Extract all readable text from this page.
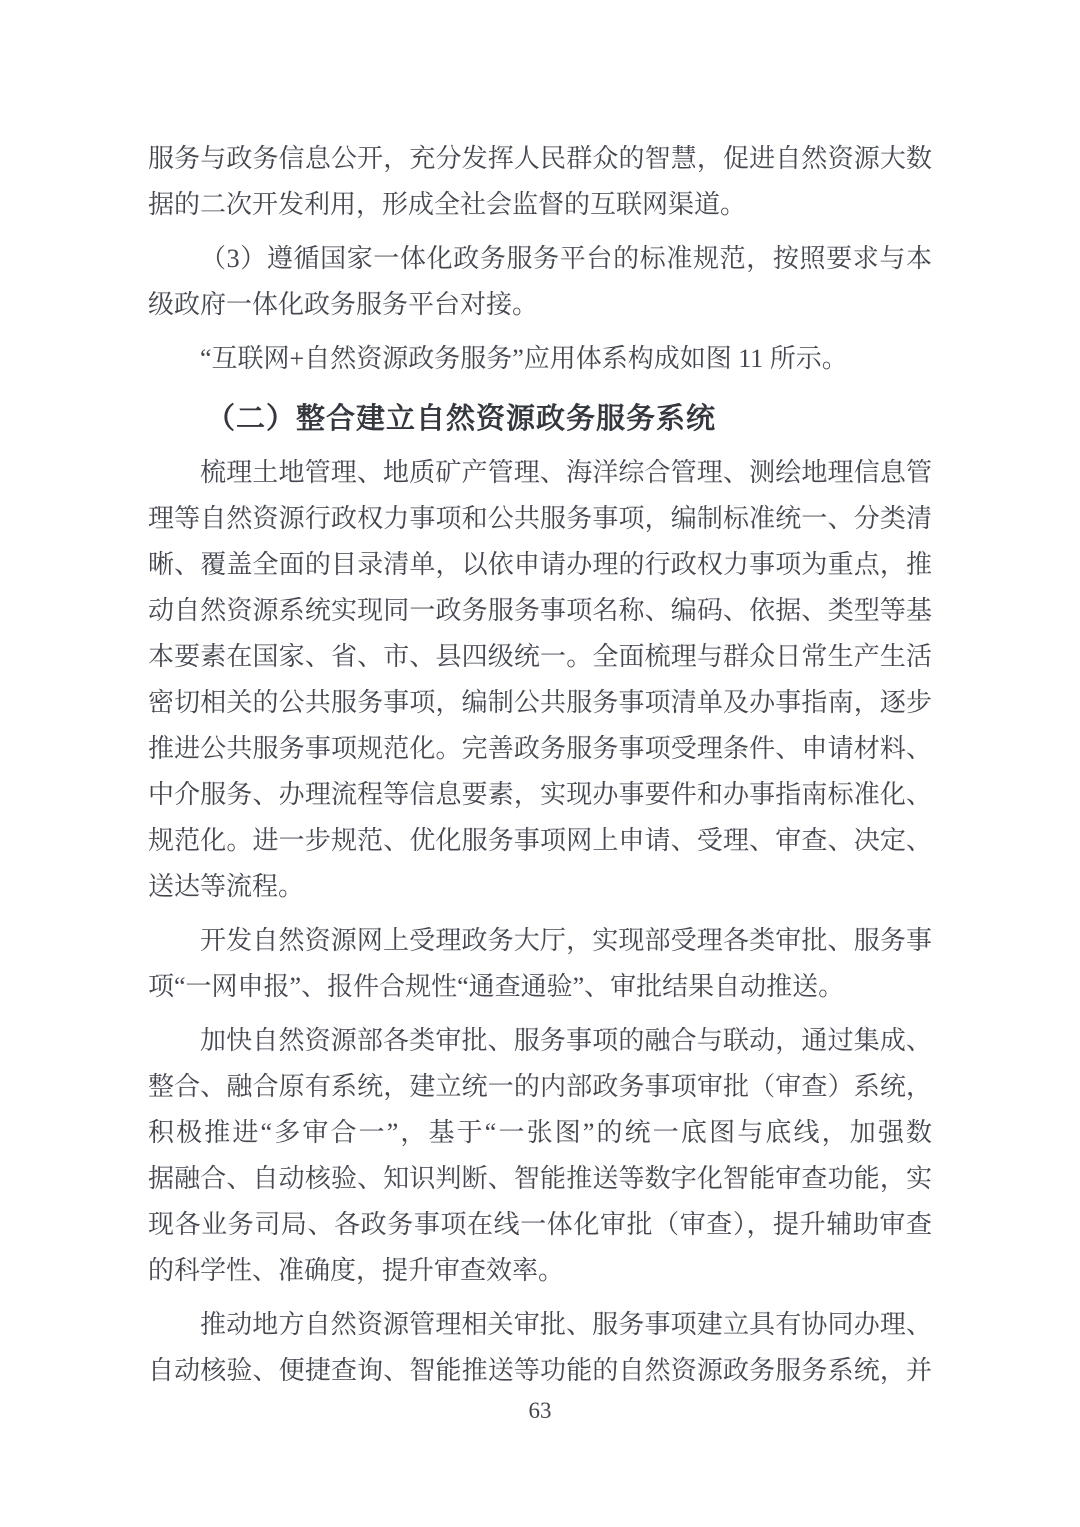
服务与政务信息公开，充分发挥人民群众的智慧，促进自然资源大数
据的二次开发利用，形成全社会监督的互联网渠道。
（3）遵循国家一体化政务服务平台的标准规范，按照要求与本
级政府一体化政务服务平台对接。
“互联网+自然资源政务服务”应用体系构成如图 11 所示。
（二）整合建立自然资源政务服务系统
梳理土地管理、地质矿产管理、海洋综合管理、测绘地理信息管
理等自然资源行政权力事项和公共服务事项，编制标准统一、分类清
晰、覆盖全面的目录清单，以依申请办理的行政权力事项为重点，推
动自然资源系统实现同一政务服务事项名称、编码、依据、类型等基
本要素在国家、省、市、县四级统一。全面梳理与群众日常生产生活
密切相关的公共服务事项，编制公共服务事项清单及办事指南，逐步
推进公共服务事项规范化。完善政务服务事项受理条件、申请材料、
中介服务、办理流程等信息要素，实现办事要件和办事指南标准化、
规范化。进一步规范、优化服务事项网上申请、受理、审查、决定、
送达等流程。
开发自然资源网上受理政务大厅，实现部受理各类审批、服务事
项“一网申报”、报件合规性“通查通验”、审批结果自动推送。
加快自然资源部各类审批、服务事项的融合与联动，通过集成、
整合、融合原有系统，建立统一的内部政务事项审批（审查）系统，
积极推进“多审合一”，基于“一张图”的统一底图与底线，加强数
据融合、自动核验、知识判断、智能推送等数字化智能审查功能，实
现各业务司局、各政务事项在线一体化审批（审查），提升辅助审查
的科学性、准确度，提升审查效率。
推动地方自然资源管理相关审批、服务事项建立具有协同办理、
自动核验、便捷查询、智能推送等功能的自然资源政务服务系统，并
63
